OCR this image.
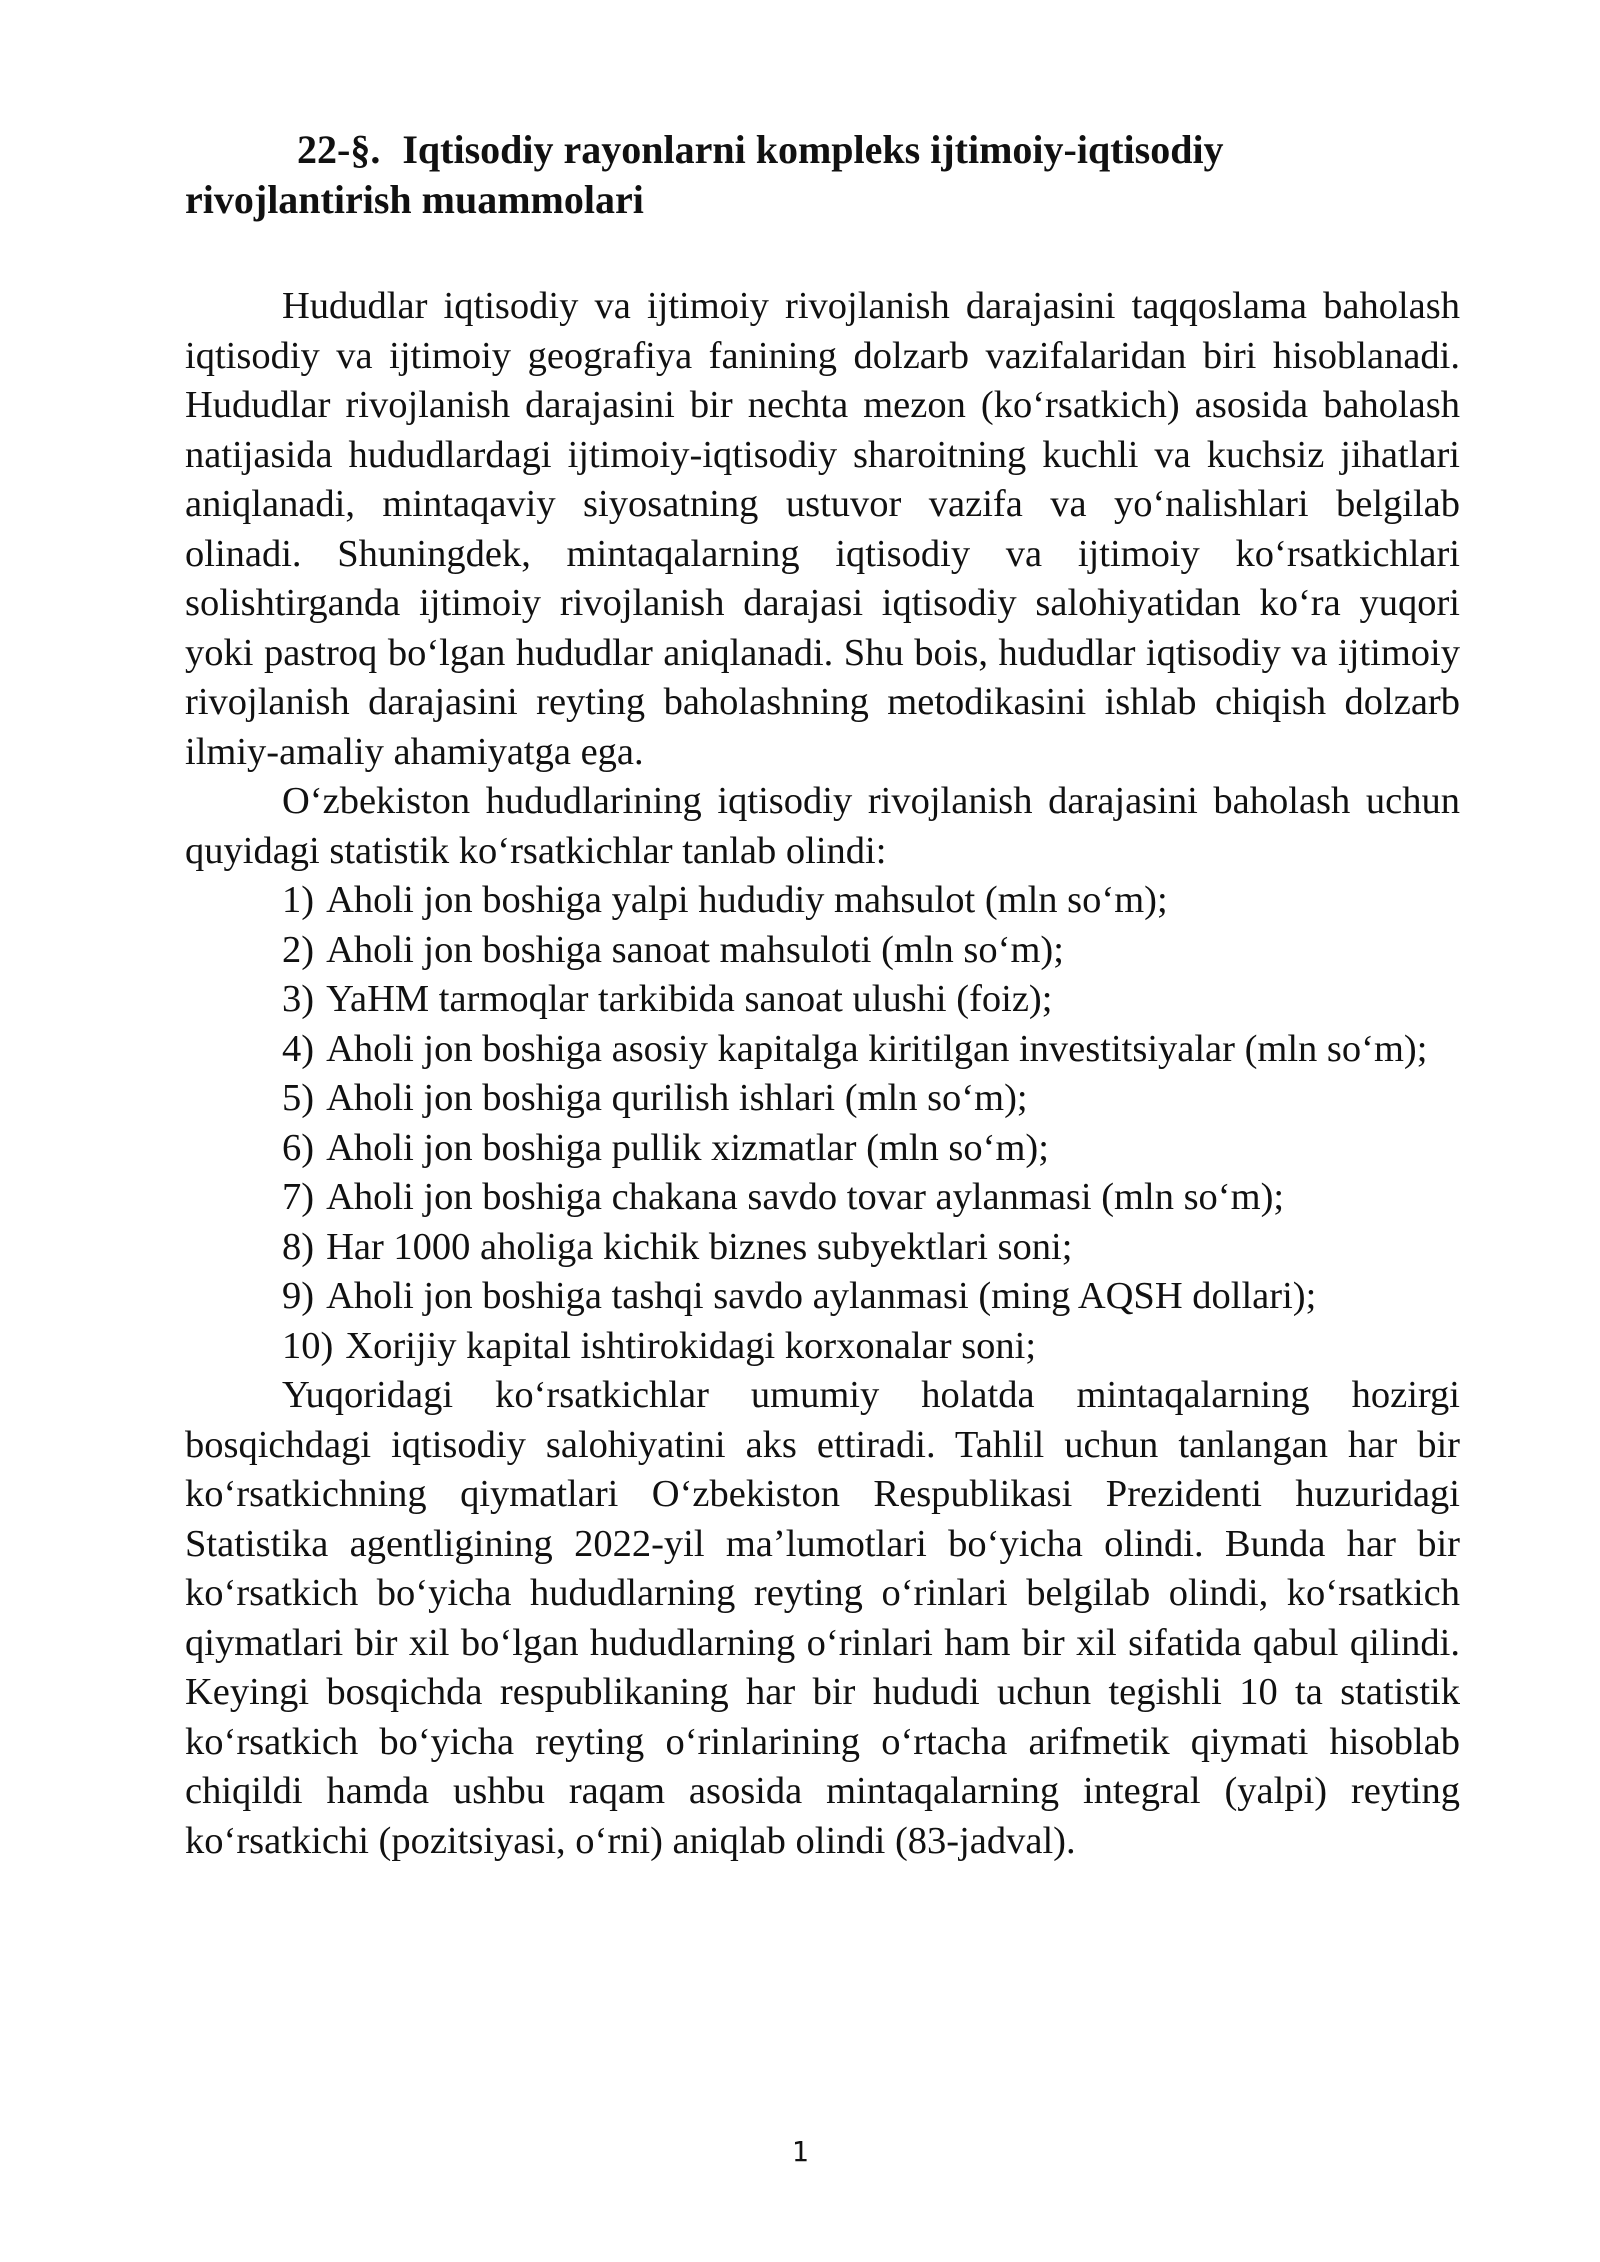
22-§. Iqtisodiy rayonlarni kompleks ijtimoiy-iqtisodiy
rivojlantirish muammolari

Hududlar iqtisodiy va ijtimoiy rivojlanish darajasini taqqoslama baholash iqtisodiy va ijtimoiy geografiya fanining dolzarb vazifalaridan biri hisoblanadi. Hududlar rivojlanish darajasini bir nechta mezon (koʻrsatkich) asosida baholash natijasida hududlardagi ijtimoiy-iqtisodiy sharoitning kuchli va kuchsiz jihatlari aniqlanadi, mintaqaviy siyosatning ustuvor vazifa va yoʻnalishlari belgilab olinadi. Shuningdek, mintaqalarning iqtisodiy va ijtimoiy koʻrsatkichlari solishtirganda ijtimoiy rivojlanish darajasi iqtisodiy salohiyatidan koʻra yuqori yoki pastroq boʻlgan hududlar aniqlanadi. Shu bois, hududlar iqtisodiy va ijtimoiy rivojlanish darajasini reyting baholashning metodikasini ishlab chiqish dolzarb ilmiy-amaliy ahamiyatga ega.

Oʻzbekiston hududlarining iqtisodiy rivojlanish darajasini baholash uchun quyidagi statistik koʻrsatkichlar tanlab olindi:

1) Aholi jon boshiga yalpi hududiy mahsulot (mln soʻm);
2) Aholi jon boshiga sanoat mahsuloti (mln soʻm);
3) YaHM tarmoqlar tarkibida sanoat ulushi (foiz);
4) Aholi jon boshiga asosiy kapitalga kiritilgan investitsiyalar (mln soʻm);
5) Aholi jon boshiga qurilish ishlari (mln soʻm);
6) Aholi jon boshiga pullik xizmatlar (mln soʻm);
7) Aholi jon boshiga chakana savdo tovar aylanmasi (mln soʻm);
8) Har 1000 aholiga kichik biznes subyektlari soni;
9) Aholi jon boshiga tashqi savdo aylanmasi (ming AQSH dollari);
10) Xorijiy kapital ishtirokidagi korxonalar soni;

Yuqoridagi koʻrsatkichlar umumiy holatda mintaqalarning hozirgi bosqichdagi iqtisodiy salohiyatini aks ettiradi. Tahlil uchun tanlangan har bir koʻrsatkichning qiymatlari Oʻzbekiston Respublikasi Prezidenti huzuridagi Statistika agentligining 2022-yil maʼlumotlari boʻyicha olindi. Bunda har bir koʻrsatkich boʻyicha hududlarning reyting oʻrinlari belgilab olindi, koʻrsatkich qiymatlari bir xil boʻlgan hududlarning oʻrinlari ham bir xil sifatida qabul qilindi. Keyingi bosqichda respublikaning har bir hududi uchun tegishli 10 ta statistik koʻrsatkich boʻyicha reyting oʻrinlarining oʻrtacha arifmetik qiymati hisoblab chiqildi hamda ushbu raqam asosida mintaqalarning integral (yalpi) reyting koʻrsatkichi (pozitsiyasi, oʻrni) aniqlab olindi (83-jadval).

1
